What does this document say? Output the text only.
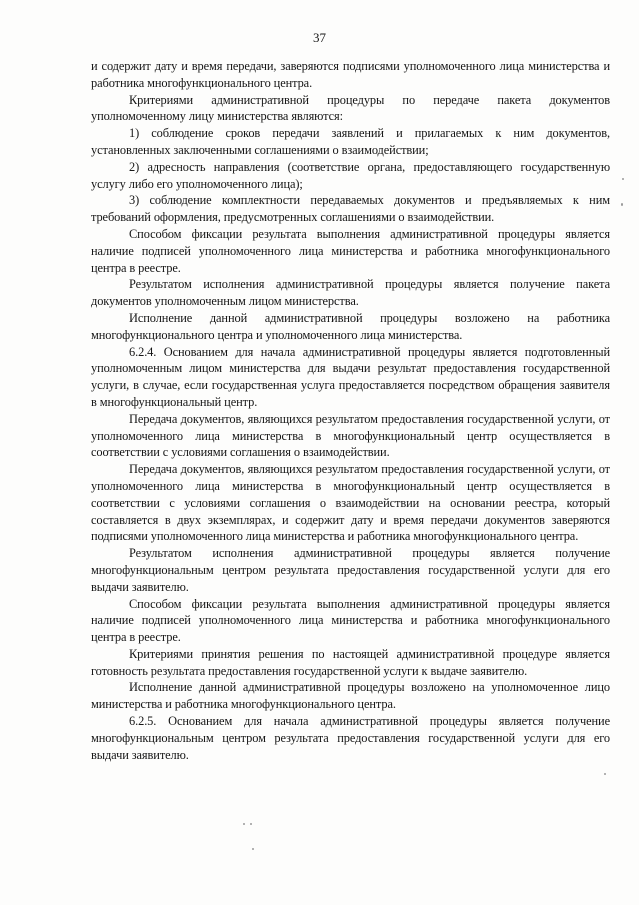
37

и содержит дату и время передачи, заверяются подписями уполномоченного лица министерства и работника многофункционального центра.

Критериями административной процедуры по передаче пакета документов уполномоченному лицу министерства являются:

1) соблюдение сроков передачи заявлений и прилагаемых к ним документов, установленных заключенными соглашениями о взаимодействии;

2) адресность направления (соответствие органа, предоставляющего государственную услугу либо его уполномоченного лица);

3) соблюдение комплектности передаваемых документов и предъявляемых к ним требований оформления, предусмотренных соглашениями о взаимодействии.

Способом фиксации результата выполнения административной процедуры является наличие подписей уполномоченного лица министерства и работника многофункционального центра в реестре.

Результатом исполнения административной процедуры является получение пакета документов уполномоченным лицом министерства.

Исполнение данной административной процедуры возложено на работника многофункционального центра и уполномоченного лица министерства.

6.2.4. Основанием для начала административной процедуры является подготовленный уполномоченным лицом министерства для выдачи результат предоставления государственной услуги, в случае, если государственная услуга предоставляется посредством обращения заявителя в многофункциональный центр.

Передача документов, являющихся результатом предоставления государственной услуги, от уполномоченного лица министерства в многофункциональный центр осуществляется в соответствии с условиями соглашения о взаимодействии.

Передача документов, являющихся результатом предоставления государственной услуги, от уполномоченного лица министерства в многофункциональный центр осуществляется в соответствии с условиями соглашения о взаимодействии на основании реестра, который составляется в двух экземплярах, и содержит дату и время передачи документов заверяются подписями уполномоченного лица министерства и работника многофункционального центра.

Результатом исполнения административной процедуры является получение многофункциональным центром результата предоставления государственной услуги для его выдачи заявителю.

Способом фиксации результата выполнения административной процедуры является наличие подписей уполномоченного лица министерства и работника многофункционального центра в реестре.

Критериями принятия решения по настоящей административной процедуре является готовность результата предоставления государственной услуги к выдаче заявителю.

Исполнение данной административной процедуры возложено на уполномоченное лицо министерства и работника многофункционального центра.

6.2.5. Основанием для начала административной процедуры является получение многофункциональным центром результата предоставления государственной услуги для его выдачи заявителю.
